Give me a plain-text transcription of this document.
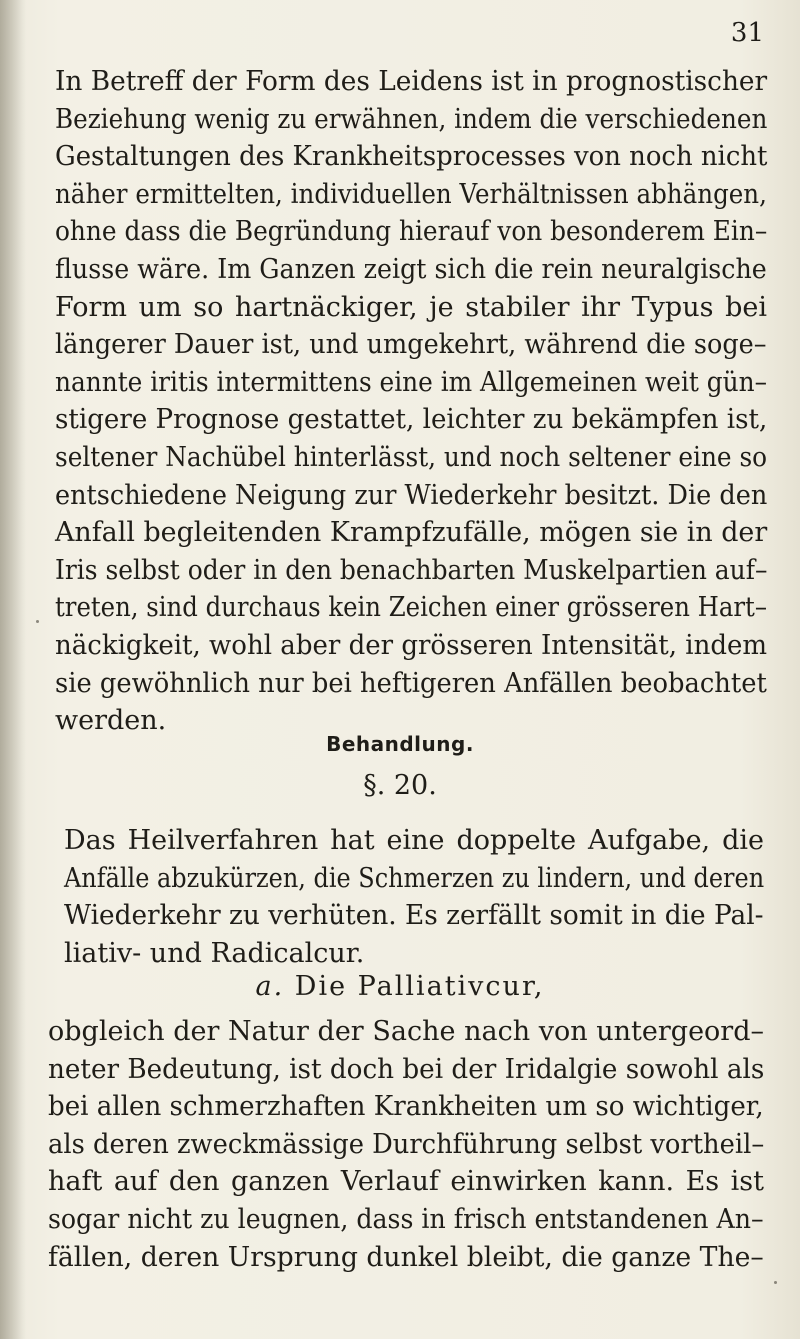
31
In Betreff der Form des Leidens ist in prognostischer
Beziehung wenig zu erwähnen, indem die verschiedenen
Gestaltungen des Krankheitsprocesses von noch nicht
näher ermittelten, individuellen Verhältnissen abhängen,
ohne dass die Begründung hierauf von besonderem Ein–
flusse wäre. Im Ganzen zeigt sich die rein neuralgische
Form um so hartnäckiger, je stabiler ihr Typus bei
längerer Dauer ist, und umgekehrt, während die soge–
nannte iritis intermittens eine im Allgemeinen weit gün–
stigere Prognose gestattet, leichter zu bekämpfen ist,
seltener Nachübel hinterlässt, und noch seltener eine so
entschiedene Neigung zur Wiederkehr besitzt. Die den
Anfall begleitenden Krampfzufälle, mögen sie in der
Iris selbst oder in den benachbarten Muskelpartien auf–
treten, sind durchaus kein Zeichen einer grösseren Hart–
näckigkeit, wohl aber der grösseren Intensität, indem
sie gewöhnlich nur bei heftigeren Anfällen beobachtet
werden.
Behandlung.
§. 20.
Das Heilverfahren hat eine doppelte Aufgabe, die
Anfälle abzukürzen, die Schmerzen zu lindern, und deren
Wiederkehr zu verhüten. Es zerfällt somit in die Pal-
liativ- und Radicalcur.
a. Die Palliativcur,
obgleich der Natur der Sache nach von untergeord–
neter Bedeutung, ist doch bei der Iridalgie sowohl als
bei allen schmerzhaften Krankheiten um so wichtiger,
als deren zweckmässige Durchführung selbst vortheil–
haft auf den ganzen Verlauf einwirken kann. Es ist
sogar nicht zu leugnen, dass in frisch entstandenen An–
fällen, deren Ursprung dunkel bleibt, die ganze The–
